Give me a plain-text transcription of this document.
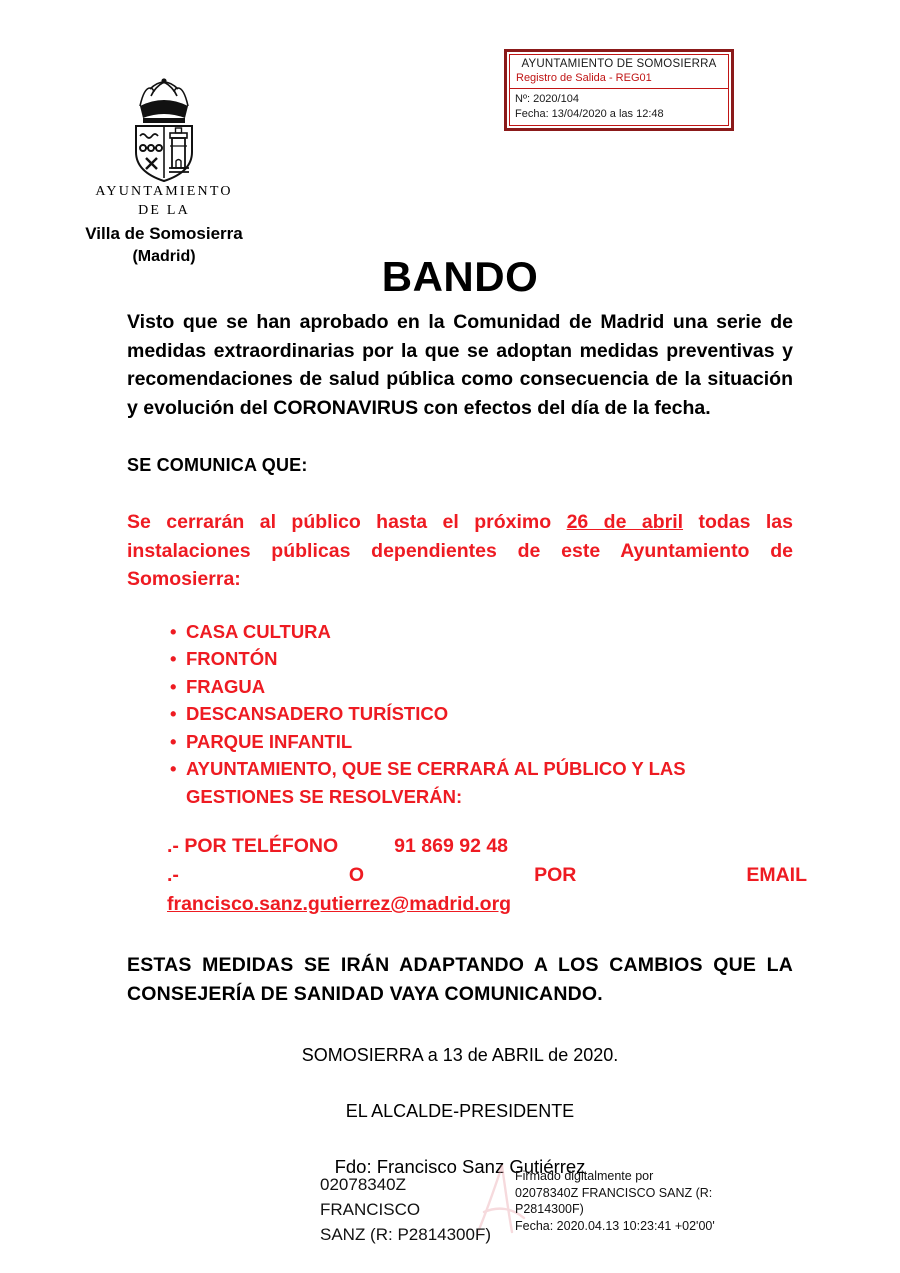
AYUNTAMIENTO DE SOMOSIERRA
Registro de Salida - REG01
Nº: 2020/104
Fecha: 13/04/2020 a las 12:48
AYUNTAMIENTO
DE LA
Villa de Somosierra
(Madrid)	BANDO

Visto que se han aprobado en la Comunidad de Madrid una serie de medidas extraordinarias por la que se adoptan medidas preventivas y recomendaciones de salud pública como consecuencia de la situación y evolución del CORONAVIRUS con efectos del día de la fecha.

SE COMUNICA QUE:

Se cerrarán al público hasta el próximo 26 de abril todas las instalaciones públicas dependientes de este Ayuntamiento de Somosierra:

• CASA CULTURA
• FRONTÓN
• FRAGUA
• DESCANSADERO TURÍSTICO
• PARQUE INFANTIL
• AYUNTAMIENTO, QUE SE CERRARÁ AL PÚBLICO Y LAS GESTIONES SE RESOLVERÁN:
.- POR TELÉFONO	91 869 92 48
.-	O	POR	EMAIL
francisco.sanz.gutierrez@madrid.org

ESTAS MEDIDAS SE IRÁN ADAPTANDO A LOS CAMBIOS QUE LA CONSEJERÍA DE SANIDAD VAYA COMUNICANDO.

SOMOSIERRA a 13 de ABRIL de 2020.

EL ALCALDE-PRESIDENTE

Fdo: Francisco Sanz Gutiérrez

02078340Z FRANCISCO
SANZ (R: P2814300F)
Firmado digitalmente por
02078340Z FRANCISCO SANZ (R:
P2814300F)
Fecha: 2020.04.13 10:23:41 +02'00'
